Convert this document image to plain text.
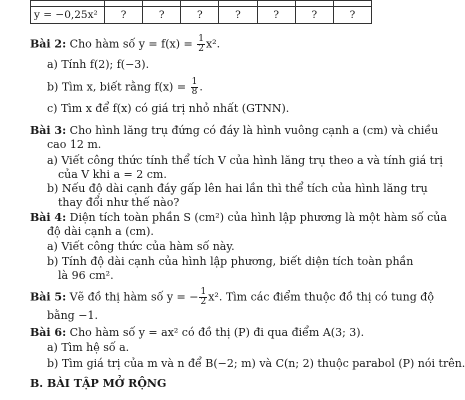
y = −0,25x²	?	?	?	?	?	?	?
Bài 2: Cho hàm số $y = f(x) = \frac{1}{2} x^2$.
a) Tính f(2); f(−3).
b) Tìm x, biết rằng $f(x) = \frac{1}{8}$ .
c) Tìm x để f(x) có giá trị nhỏ nhất (GTNN).
Bài 3: Cho hình lăng trụ đứng có đáy là hình vuông cạnh a (cm) và chiều
cao 12 m.
a) Viết công thức tính thể tích V của hình lăng trụ theo a và tính giá trị
của V khi a = 2 cm.
b) Nếu độ dài cạnh đáy gấp lên hai lần thì thể tích của hình lăng trụ
thay đổi như thế nào?
Bài 4: Diện tích toàn phần S (cm²) của hình lập phương là một hàm số của
độ dài cạnh a (cm).
a) Viết công thức của hàm số này.
b) Tính độ dài cạnh của hình lập phương, biết diện tích toàn phần
là 96 cm².
Bài 5: Vẽ đồ thị hàm số y = − $\frac{1}{2} x^2$. Tìm các điểm thuộc đồ thị có tung độ
bằng −1.
Bài 6: Cho hàm số y = ax² có đồ thị (P) đi qua điểm A(3; 3).
a) Tìm hệ số a.
b) Tìm giá trị của m và n để B(−2; m) và C(n; 2) thuộc parabol (P) nói trên.
B. BÀI TẬP MỞ RỘNG
